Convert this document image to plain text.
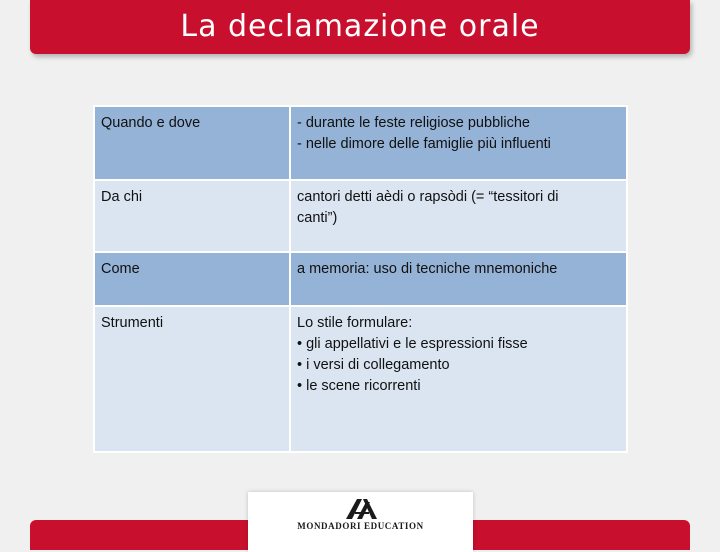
La declamazione orale
Quando e dove	- durante le feste religiose pubbliche
- nelle dimore delle famiglie più influenti

Da chi	cantori detti aèdi o rapsòdi (= “tessitori di
canti”)

Come	a memoria: uso di tecniche mnemoniche

Strumenti	Lo stile formulare:
• gli appellativi e le espressioni fisse
• i versi di collegamento
• le scene ricorrenti
MONDADORI EDUCATION
